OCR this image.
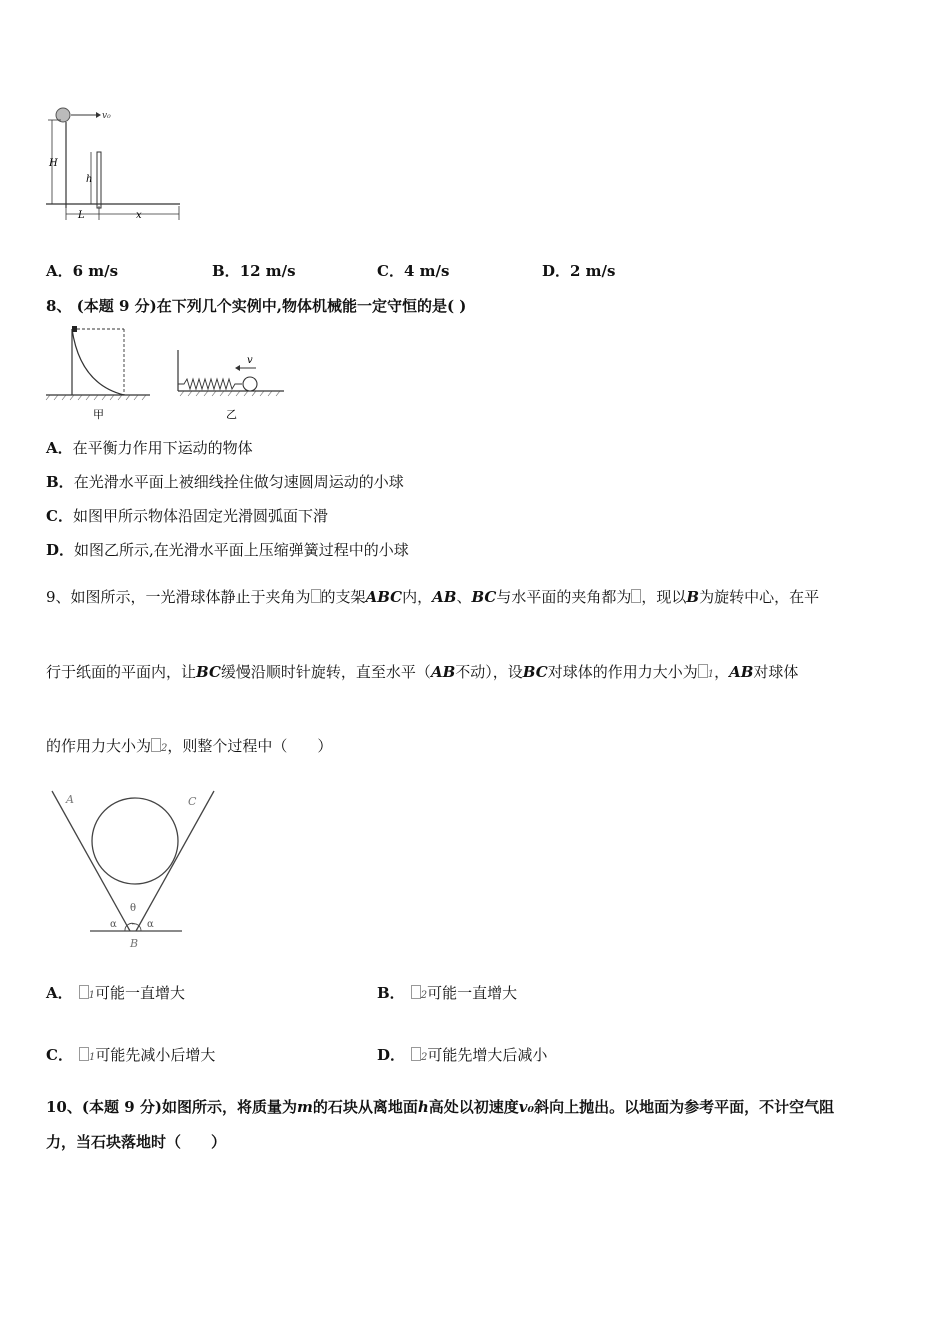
v₀
H
h
L	x
A．6 m/s	B．12 m/s	C．4 m/s	D．2 m/s
8、 (本题 9 分)在下列几个实例中,物体机械能一定守恒的是( )
甲
v
乙
A．在平衡力作用下运动的物体
B．在光滑水平面上被细线拴住做匀速圆周运动的小球
C．如图甲所示物体沿固定光滑圆弧面下滑
D．如图乙所示,在光滑水平面上压缩弹簧过程中的小球
9、如图所示，一光滑球体静止于夹角为 的支架ABC内，AB、BC与水平面的夹角都为 ，现以B为旋转中心，在平
行于纸面的平面内，让BC缓慢沿顺时针旋转，直至水平（AB不动），设BC对球体的作用力大小为 1，AB对球体
的作用力大小为 2，则整个过程中（　　）
A	C
θ
α	α
B
A． 1可能一直增大	B． 2可能一直增大
C． 1可能先减小后增大	D． 2可能先增大后减小
10、(本题 9 分)如图所示，将质量为m的石块从离地面h高处以初速度v₀斜向上抛出。以地面为参考平面，不计空气阻
力，当石块落地时（　　）
